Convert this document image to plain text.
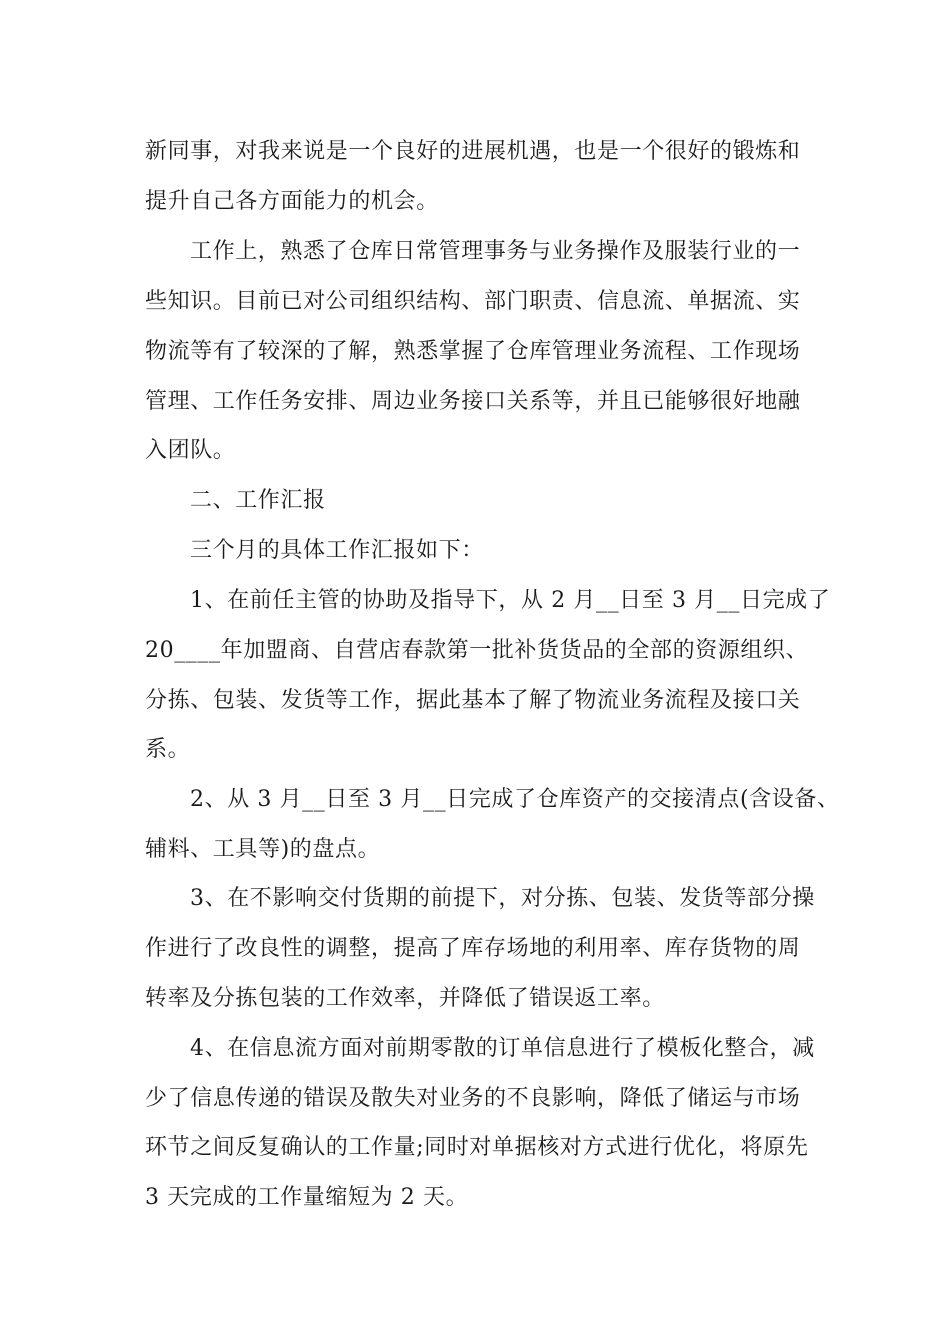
新同事，对我来说是一个良好的进展机遇，也是一个很好的锻炼和

提升自己各方面能力的机会。

工作上，熟悉了仓库日常管理事务与业务操作及服装行业的一

些知识。目前已对公司组织结构、部门职责、信息流、单据流、实

物流等有了较深的了解，熟悉掌握了仓库管理业务流程、工作现场

管理、工作任务安排、周边业务接口关系等，并且已能够很好地融

入团队。

二、工作汇报

三个月的具体工作汇报如下：

1、在前任主管的协助及指导下，从 2 月__日至 3 月__日完成了

20____年加盟商、自营店春款第一批补货货品的全部的资源组织、

分拣、包装、发货等工作，据此基本了解了物流业务流程及接口关

系。

2、从 3 月__日至 3 月__日完成了仓库资产的交接清点(含设备、

辅料、工具等)的盘点。

3、在不影响交付货期的前提下，对分拣、包装、发货等部分操

作进行了改良性的调整，提高了库存场地的利用率、库存货物的周

转率及分拣包装的工作效率，并降低了错误返工率。

4、在信息流方面对前期零散的订单信息进行了模板化整合，减

少了信息传递的错误及散失对业务的不良影响，降低了储运与市场

环节之间反复确认的工作量;同时对单据核对方式进行优化，将原先

3 天完成的工作量缩短为 2 天。
